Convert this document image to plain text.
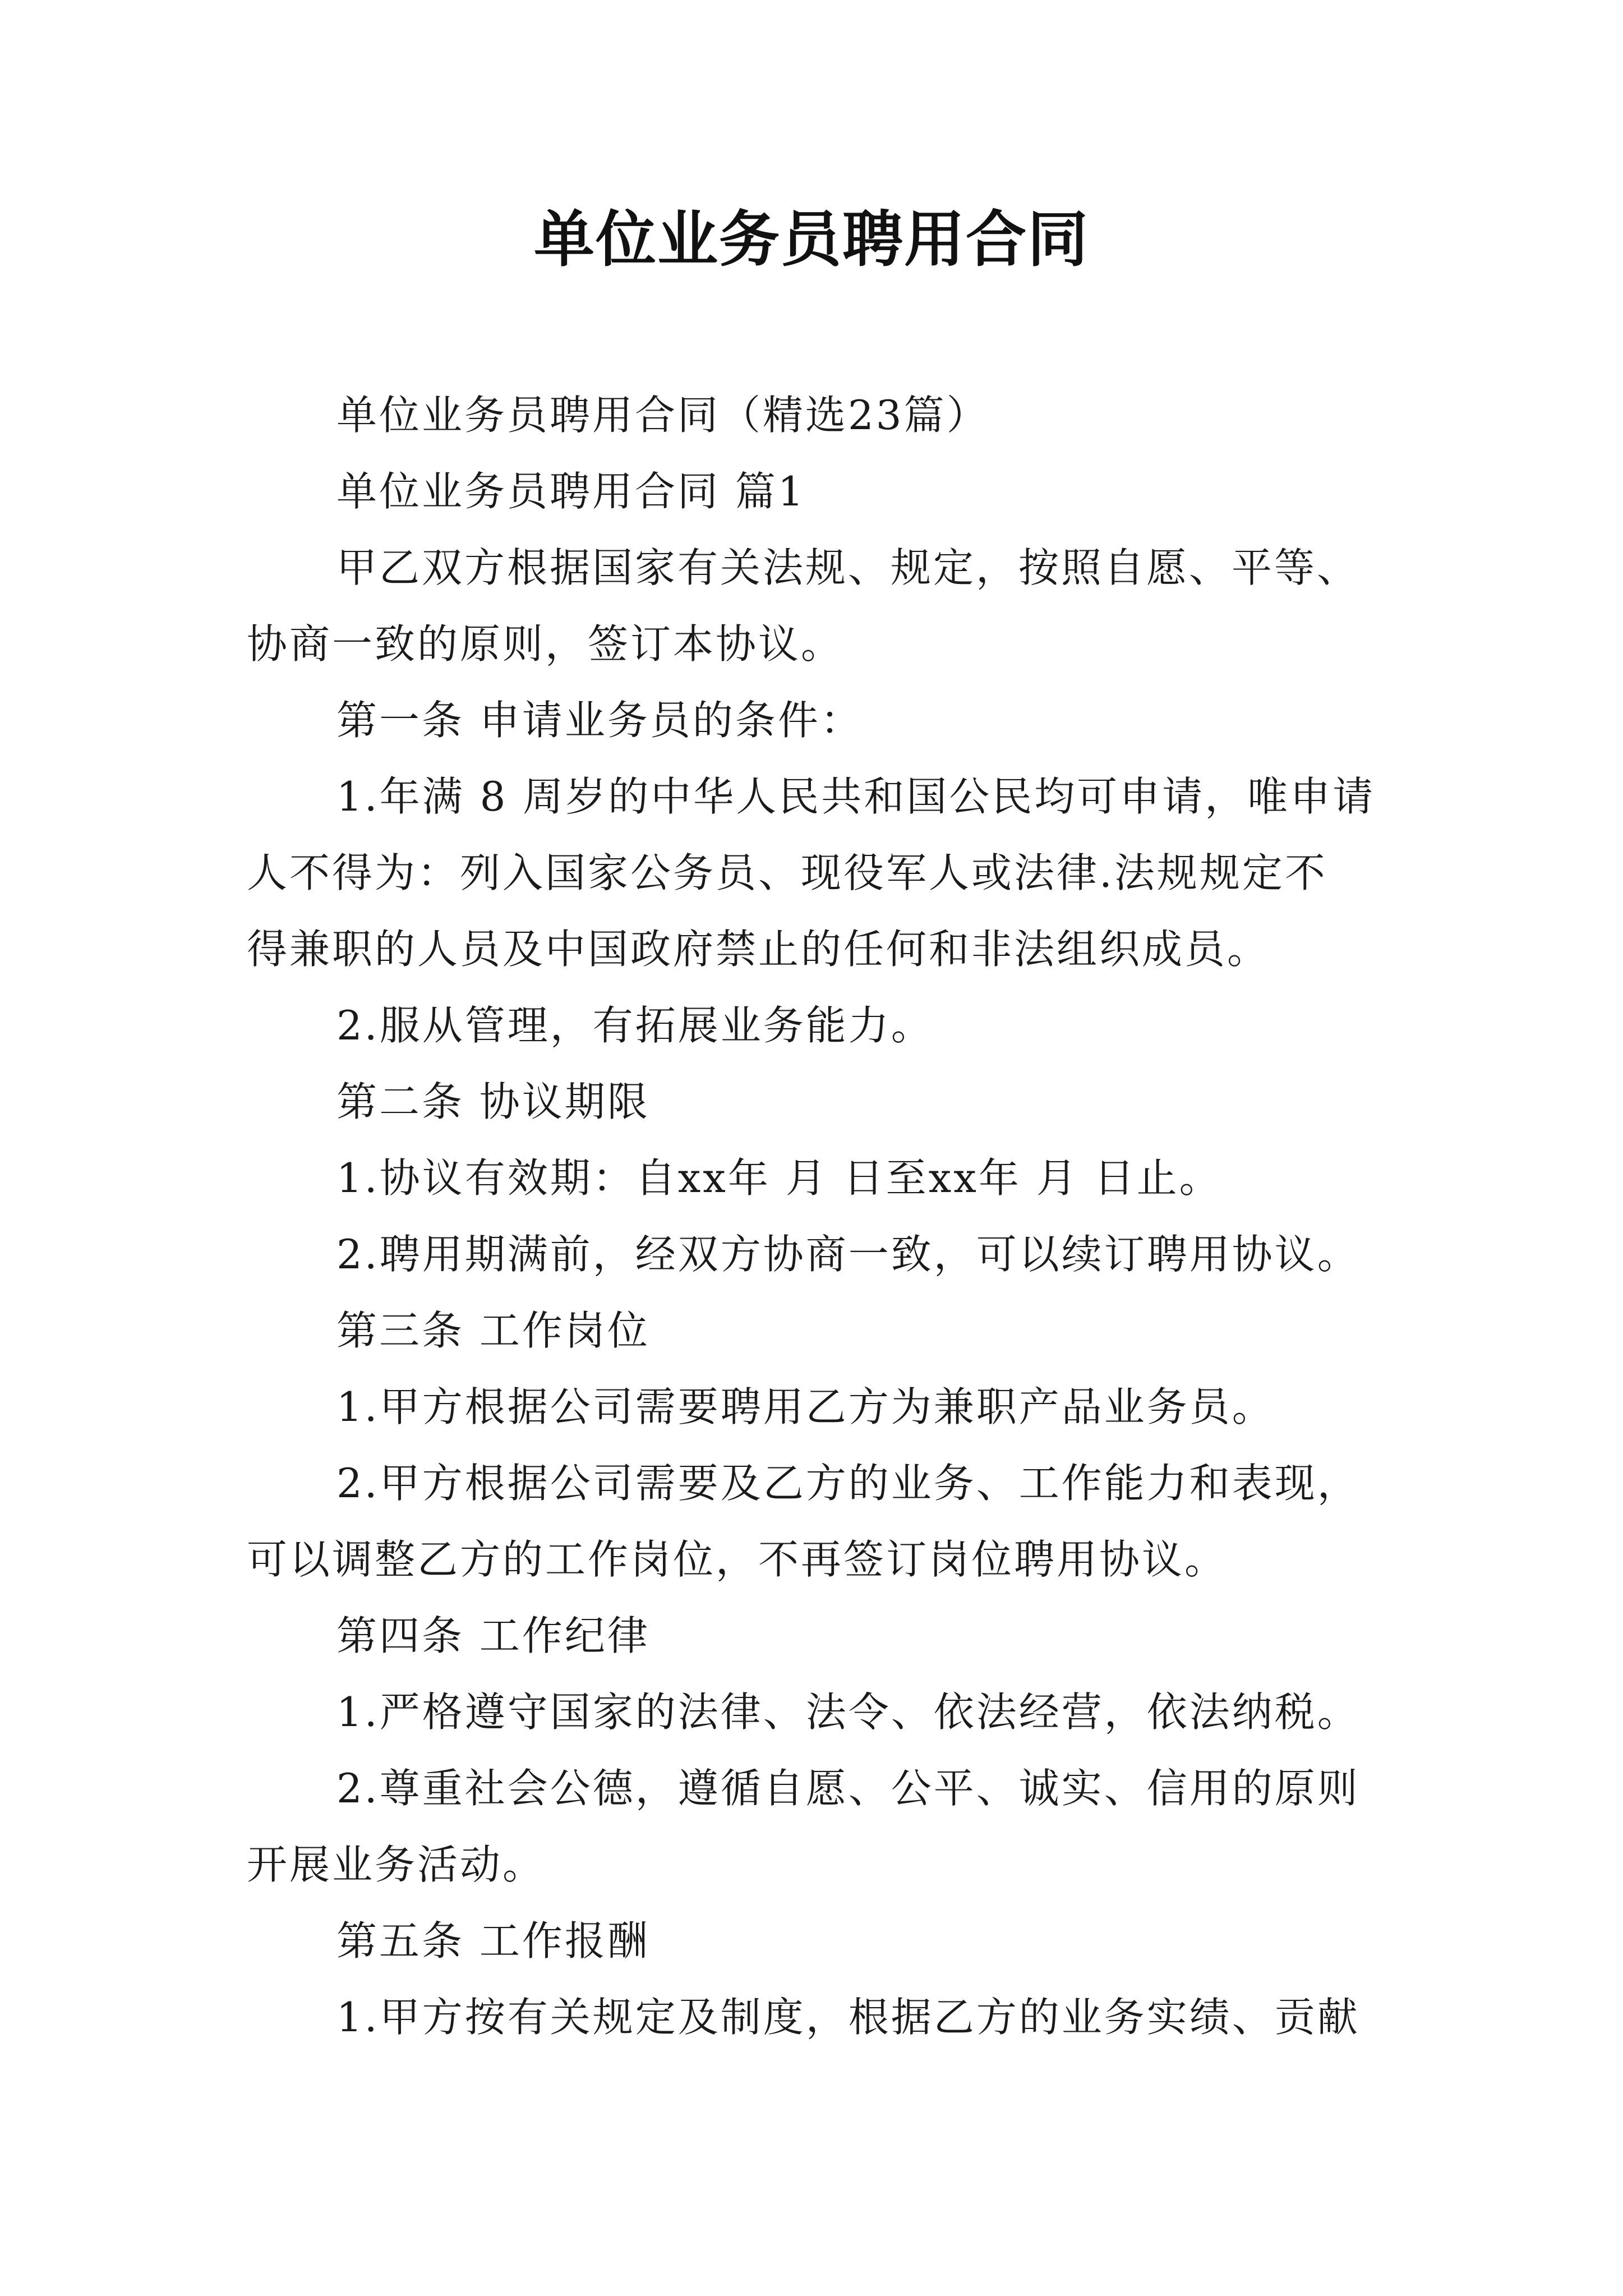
单位业务员聘用合同
单位业务员聘用合同（精选23篇）
单位业务员聘用合同 篇1
甲乙双方根据国家有关法规、规定，按照自愿、平等、
协商一致的原则，签订本协议。
第一条 申请业务员的条件：
1.年满 8 周岁的中华人民共和国公民均可申请，唯申请
人不得为：列入国家公务员、现役军人或法律.法规规定不
得兼职的人员及中国政府禁止的任何和非法组织成员。
2.服从管理，有拓展业务能力。
第二条 协议期限
1.协议有效期：自xx年 月 日至xx年 月 日止。
2.聘用期满前，经双方协商一致，可以续订聘用协议。
第三条 工作岗位
1.甲方根据公司需要聘用乙方为兼职产品业务员。
2.甲方根据公司需要及乙方的业务、工作能力和表现，
可以调整乙方的工作岗位，不再签订岗位聘用协议。
第四条 工作纪律
1.严格遵守国家的法律、法令、依法经营，依法纳税。
2.尊重社会公德，遵循自愿、公平、诚实、信用的原则
开展业务活动。
第五条 工作报酬
1.甲方按有关规定及制度，根据乙方的业务实绩、贡献
